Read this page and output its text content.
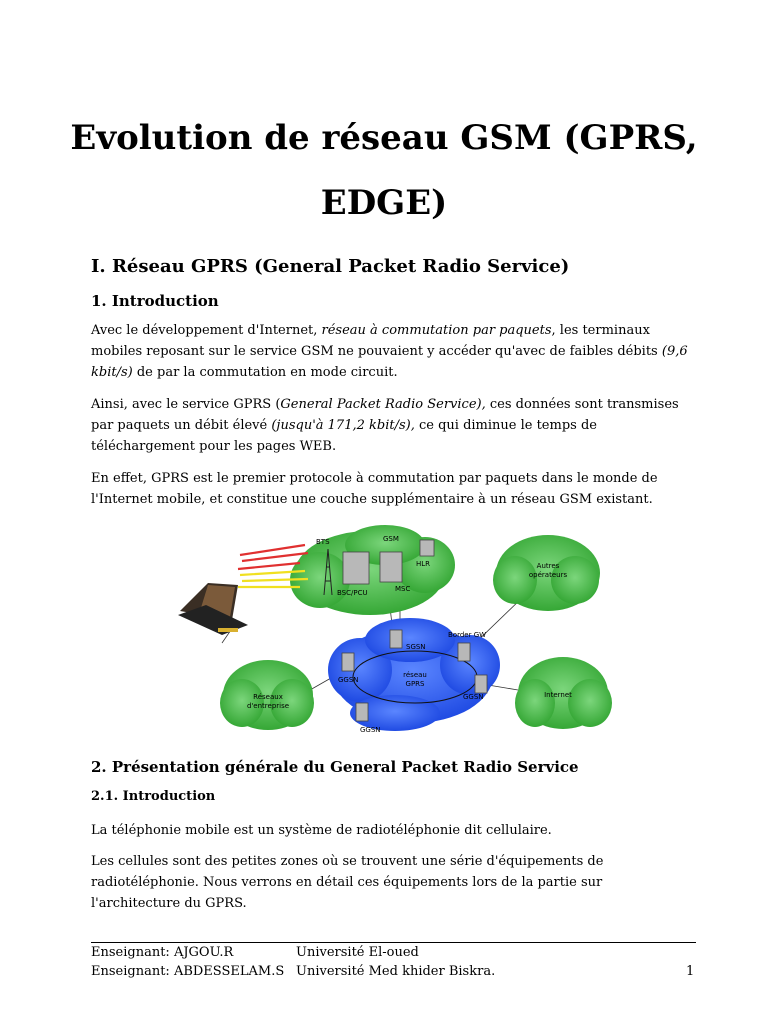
Evolution de réseau GSM (GPRS,
EDGE)
I. Réseau GPRS (General Packet Radio Service)
1. Introduction
Avec le développement d'Internet, réseau à commutation par paquets, les terminaux mobiles reposant sur le service GSM ne pouvaient y accéder qu'avec de faibles débits (9,6 kbit/s) de par la commutation en mode circuit.
Ainsi, avec le service GPRS (General Packet Radio Service), ces données sont transmises par paquets un débit élevé (jusqu'à 171,2 kbit/s), ce qui diminue le temps de téléchargement pour les pages WEB.
En effet, GPRS est le premier protocole à commutation par paquets dans le monde de l'Internet mobile, et constitue une couche supplémentaire à un réseau GSM existant.
BTS	GSM
HLR
BSC/PCU	MSC
Autres
opérateurs
SGSN
Border GW
réseau
GPRS
GGSN
GGSN
GGSN
Réseaux
d'entreprise
Internet
2. Présentation générale du General Packet Radio Service
2.1. Introduction
La téléphonie mobile est un système de radiotéléphonie dit cellulaire.
Les cellules sont des petites zones où se trouvent une série d'équipements de radiotéléphonie. Nous verrons en détail ces équipements lors de la partie sur l'architecture du GPRS.
Enseignant: AJGOU.R	Université El-oued
Enseignant: ABDESSELAM.S Université Med khider Biskra.	1
